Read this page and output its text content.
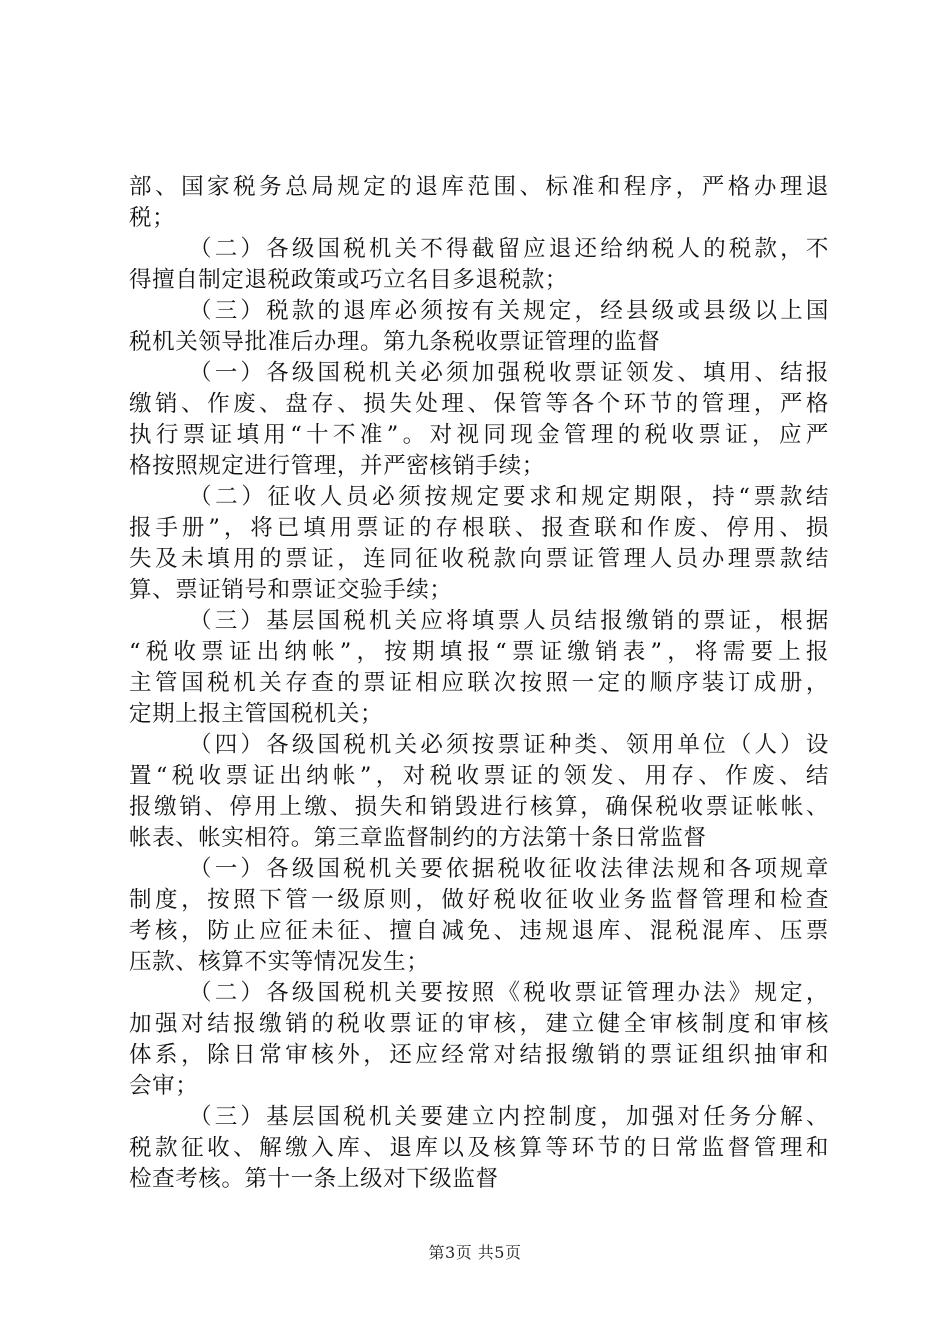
部、国家税务总局规定的退库范围、标准和程序，严格办理退
税；
（二）各级国税机关不得截留应退还给纳税人的税款，不
得擅自制定退税政策或巧立名目多退税款；
（三）税款的退库必须按有关规定，经县级或县级以上国
税机关领导批准后办理。第九条税收票证管理的监督
（一）各级国税机关必须加强税收票证领发、填用、结报
缴销、作废、盘存、损失处理、保管等各个环节的管理，严格
执行票证填用“十不准”。对视同现金管理的税收票证，应严
格按照规定进行管理，并严密核销手续；
（二）征收人员必须按规定要求和规定期限，持“票款结
报手册”，将已填用票证的存根联、报查联和作废、停用、损
失及未填用的票证，连同征收税款向票证管理人员办理票款结
算、票证销号和票证交验手续；
（三）基层国税机关应将填票人员结报缴销的票证，根据
“税收票证出纳帐”，按期填报“票证缴销表”，将需要上报
主管国税机关存查的票证相应联次按照一定的顺序装订成册，
定期上报主管国税机关；
（四）各级国税机关必须按票证种类、领用单位（人）设
置“税收票证出纳帐”，对税收票证的领发、用存、作废、结
报缴销、停用上缴、损失和销毁进行核算，确保税收票证帐帐、
帐表、帐实相符。第三章监督制约的方法第十条日常监督
（一）各级国税机关要依据税收征收法律法规和各项规章
制度，按照下管一级原则，做好税收征收业务监督管理和检查
考核，防止应征未征、擅自减免、违规退库、混税混库、压票
压款、核算不实等情况发生；
（二）各级国税机关要按照《税收票证管理办法》规定，
加强对结报缴销的税收票证的审核，建立健全审核制度和审核
体系，除日常审核外，还应经常对结报缴销的票证组织抽审和
会审；
（三）基层国税机关要建立内控制度，加强对任务分解、
税款征收、解缴入库、退库以及核算等环节的日常监督管理和
检查考核。第十一条上级对下级监督
第3页 共5页
